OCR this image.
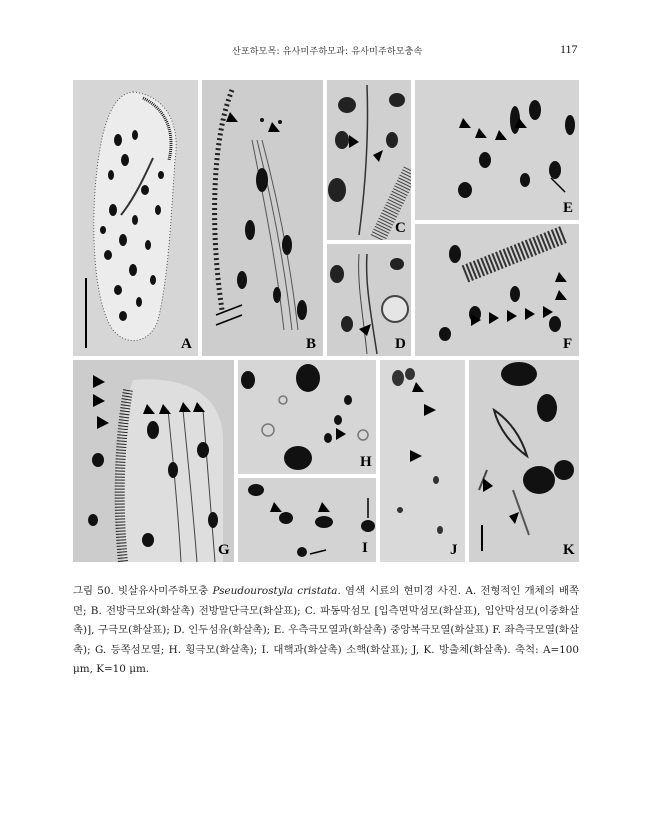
산포하모목: 유사미주하모과: 유사미주하모충속	117
A	B
C
D
E
F
G
H
I	J	K
그림 50. 빗살유사미주하모충 Pseudourostyla cristata. 염색 시료의 현미경 사진. A. 전형적인 개체의 배쪽면; B. 전방극모와(화살촉) 전방말단극모(화살표); C. 파동막섬모 [입측면막섬모(화살표), 입안막섬모(이중화살촉)], 구극모(화살표); D. 인두섬유(화살촉); E. 우측극모열과(화살촉) 중앙복극모열(화살표) F. 좌측극모열(화살촉); G. 등쪽섬모열; H. 횡극모(화살촉); I. 대핵과(화살촉) 소핵(화살표); J, K. 방출체(화살촉). 축척: A=100 μm, K=10 μm.
